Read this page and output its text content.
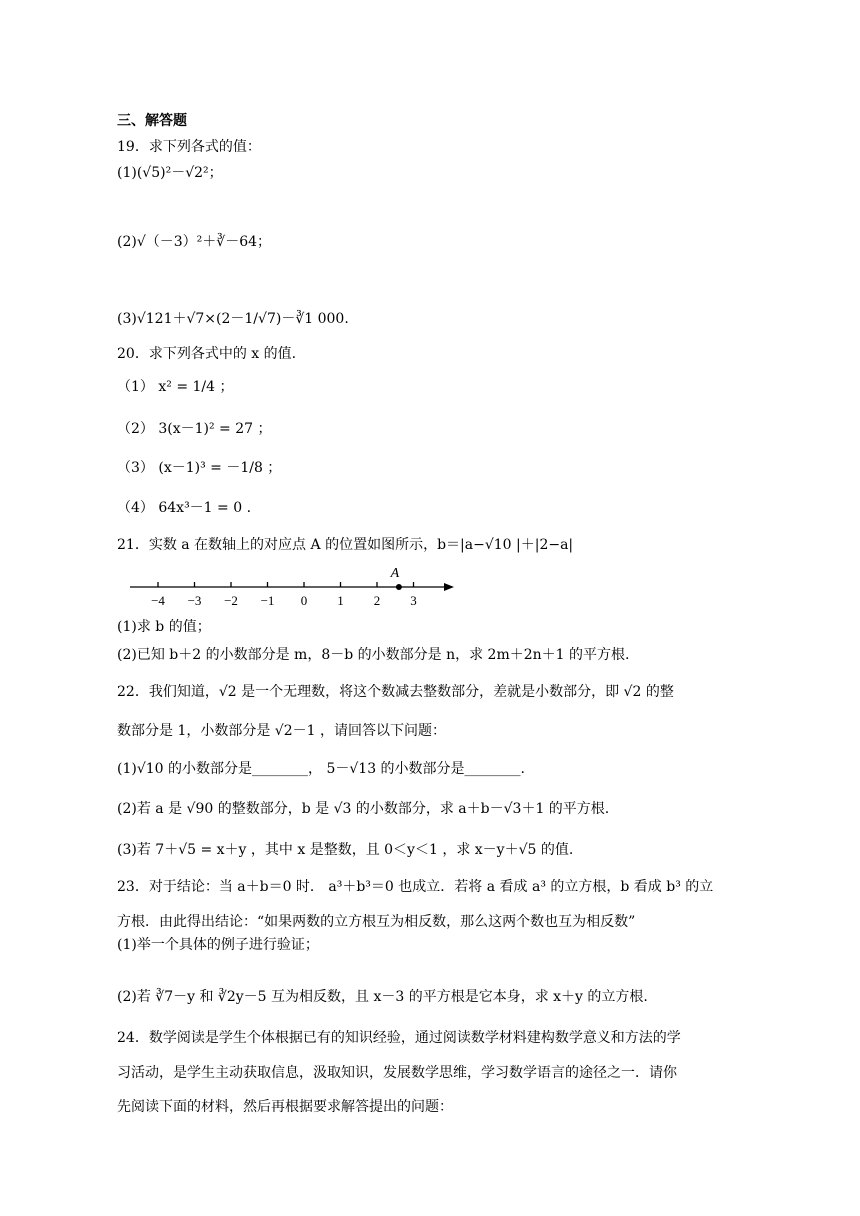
三、解答题
19．求下列各式的值：
(1)(√5)²－√2²；
(2)√（－3）²＋∛－64；
(3)√121＋√7×(2－1/√7)－∛1 000.
20．求下列各式中的 x 的值.
（1） x² = 1/4 ；
（2） 3(x－1)² = 27 ；
（3） (x－1)³ = －1/8 ；
（4） 64x³－1 = 0 .
21．实数 a 在数轴上的对应点 A 的位置如图所示，b＝|a−√10 |＋|2−a|
−4 −3 −2 −1 0 1 2 3
A
(1)求 b 的值；
(2)已知 b＋2 的小数部分是 m，8－b 的小数部分是 n，求 2m＋2n＋1 的平方根.
22．我们知道，√2 是一个无理数，将这个数减去整数部分，差就是小数部分，即 √2 的整
数部分是 1，小数部分是 √2－1 ，请回答以下问题：
(1)√10 的小数部分是________， 5－√13 的小数部分是________.
(2)若 a 是 √90 的整数部分，b 是 √3 的小数部分，求 a＋b－√3＋1 的平方根.
(3)若 7＋√5 = x＋y ，其中 x 是整数，且 0＜y＜1 ，求 x－y＋√5 的值.
23．对于结论：当 a＋b＝0 时． a³＋b³＝0 也成立．若将 a 看成 a³ 的立方根，b 看成 b³ 的立
方根．由此得出结论：“如果两数的立方根互为相反数，那么这两个数也互为相反数”
(1)举一个具体的例子进行验证；
(2)若 ∛7－y 和 ∛2y－5 互为相反数，且 x－3 的平方根是它本身，求 x＋y 的立方根.
24．数学阅读是学生个体根据已有的知识经验，通过阅读数学材料建构数学意义和方法的学
习活动，是学生主动获取信息，汲取知识，发展数学思维，学习数学语言的途径之一．请你
先阅读下面的材料，然后再根据要求解答提出的问题：
